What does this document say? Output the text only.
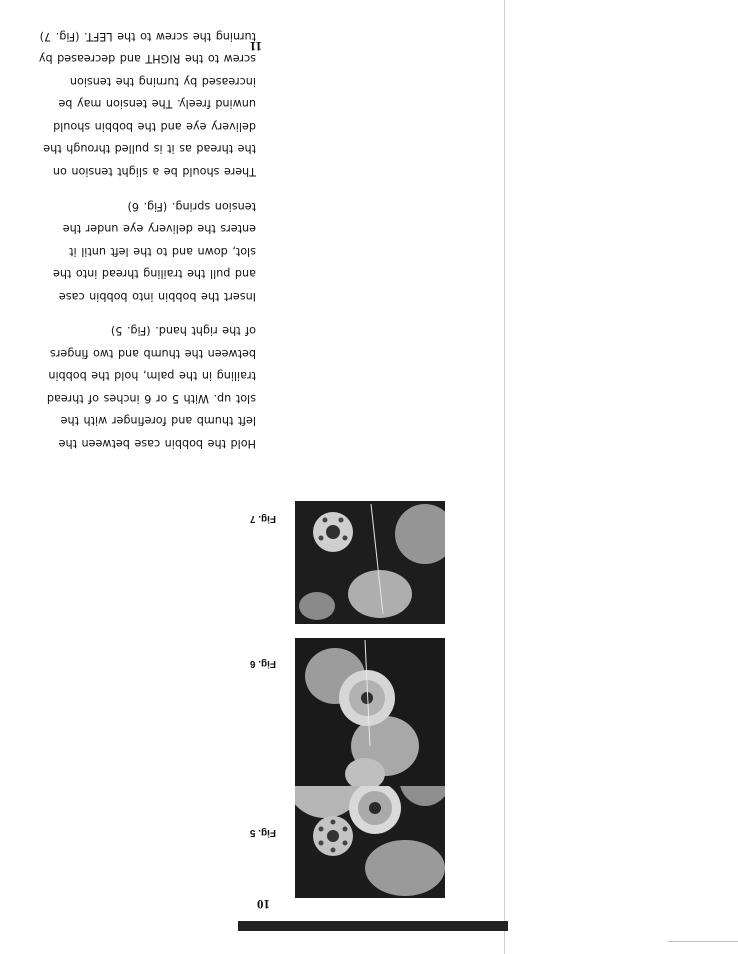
10
11
Fig. 5
Fig. 6
Fig. 7

Hold the bobbin case between the left thumb and forefinger with the slot up. With 5 or 6 inches of thread trailing in the palm, hold the bobbin between the thumb and two fingers of the right hand. (Fig. 5)

Insert the bobbin into bobbin case and pull the trailing thread into the slot, down and to the left until it enters the delivery eye under the tension spring. (Fig. 6)

There should be a slight tension on the thread as it is pulled through the delivery eye and the bobbin should unwind freely. The tension may be increased by turning the tension screw to the RIGHT and decreased by turning the screw to the LEFT. (Fig. 7)
